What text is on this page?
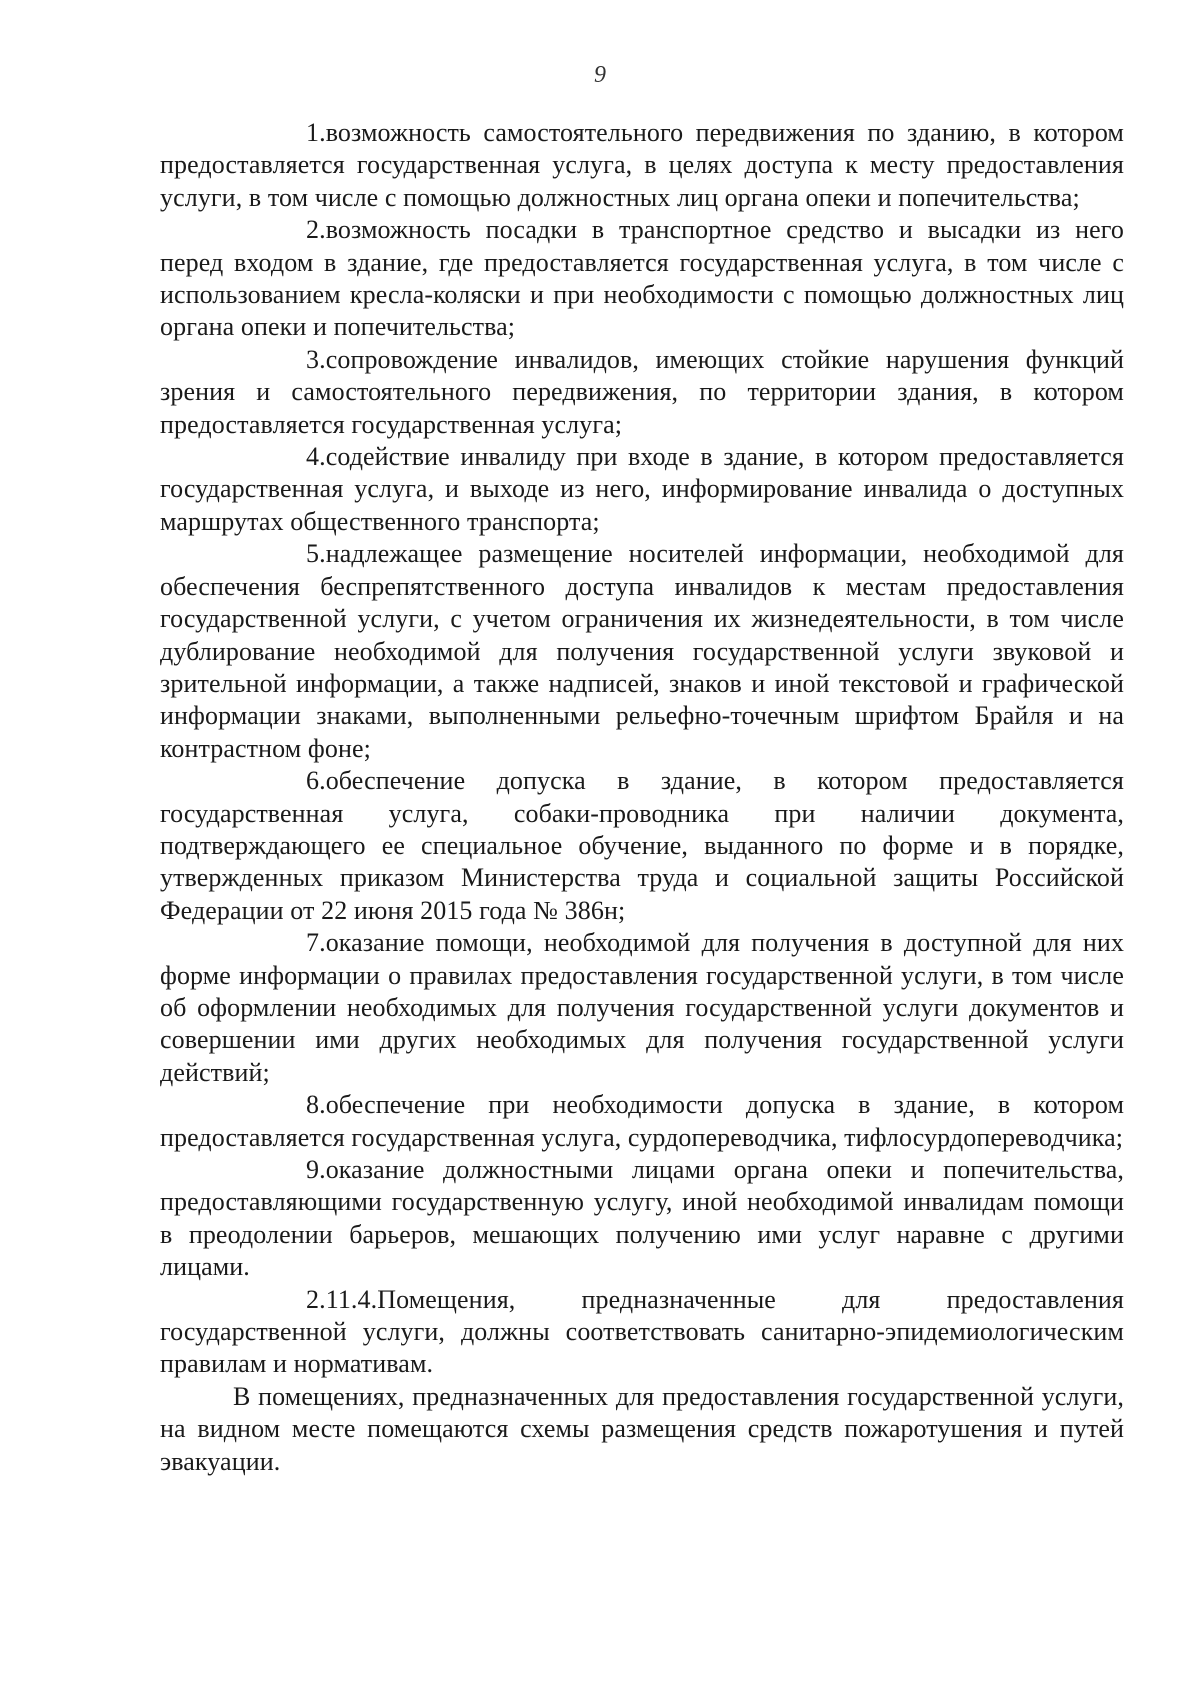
9

1.возможность самостоятельного передвижения по зданию, в котором предоставляется государственная услуга, в целях доступа к месту предоставления услуги, в том числе с помощью должностных лиц органа опеки и попечительства;

2.возможность посадки в транспортное средство и высадки из него перед входом в здание, где предоставляется государственная услуга, в том числе с использованием кресла-коляски и при необходимости с помощью должностных лиц органа опеки и попечительства;

3.сопровождение инвалидов, имеющих стойкие нарушения функций зрения и самостоятельного передвижения, по территории здания, в котором предоставляется государственная услуга;

4.содействие инвалиду при входе в здание, в котором предоставляется государственная услуга, и выходе из него, информирование инвалида о доступных маршрутах общественного транспорта;

5.надлежащее размещение носителей информации, необходимой для обеспечения беспрепятственного доступа инвалидов к местам предоставления государственной услуги, с учетом ограничения их жизнедеятельности, в том числе дублирование необходимой для получения государственной услуги звуковой и зрительной информации, а также надписей, знаков и иной текстовой и графической информации знаками, выполненными рельефно-точечным шрифтом Брайля и на контрастном фоне;

6.обеспечение допуска в здание, в котором предоставляется государственная услуга, собаки-проводника при наличии документа, подтверждающего ее специальное обучение, выданного по форме и в порядке, утвержденных приказом Министерства труда и социальной защиты Российской Федерации от 22 июня 2015 года № 386н;

7.оказание помощи, необходимой для получения в доступной для них форме информации о правилах предоставления государственной услуги, в том числе об оформлении необходимых для получения государственной услуги документов и совершении ими других необходимых для получения государственной услуги действий;

8.обеспечение при необходимости допуска в здание, в котором предоставляется государственная услуга, сурдопереводчика, тифлосурдопереводчика;

9.оказание должностными лицами органа опеки и попечительства, предоставляющими государственную услугу, иной необходимой инвалидам помощи в преодолении барьеров, мешающих получению ими услуг наравне с другими лицами.

2.11.4.Помещения, предназначенные для предоставления государственной услуги, должны соответствовать санитарно-эпидемиологическим правилам и нормативам.

В помещениях, предназначенных для предоставления государственной услуги, на видном месте помещаются схемы размещения средств пожаротушения и путей эвакуации.
